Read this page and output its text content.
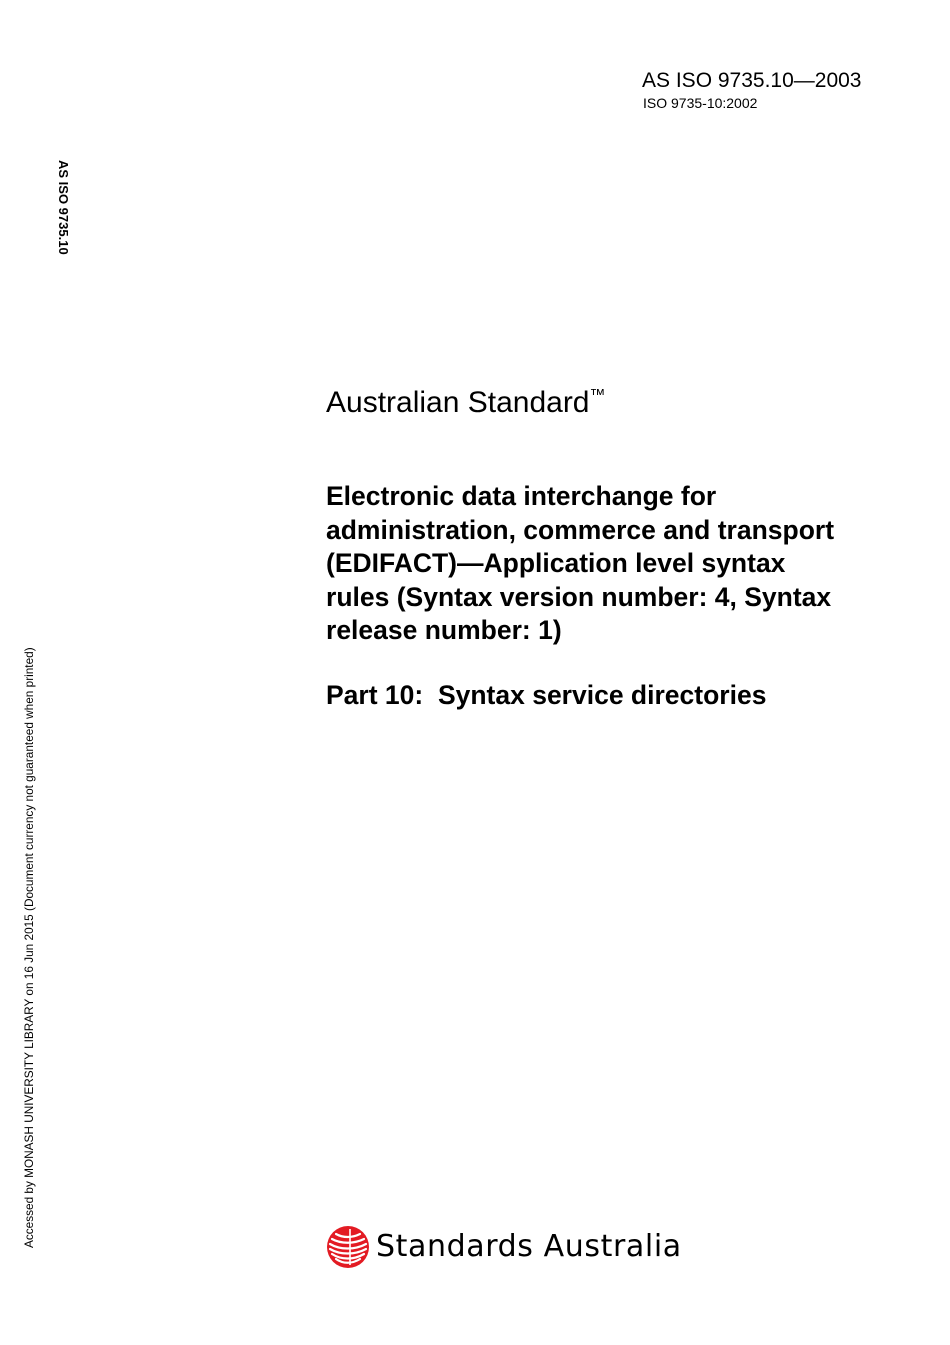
AS ISO 9735.10—2003
ISO 9735-10:2002
AS ISO 9735.10
Accessed by MONASH UNIVERSITY LIBRARY on 16 Jun 2015 (Document currency not guaranteed when printed)
Australian Standard™
Electronic data interchange for
administration, commerce and transport
(EDIFACT)—Application level syntax
rules (Syntax version number: 4, Syntax
release number: 1)
Part 10:  Syntax service directories
Standards Australia
